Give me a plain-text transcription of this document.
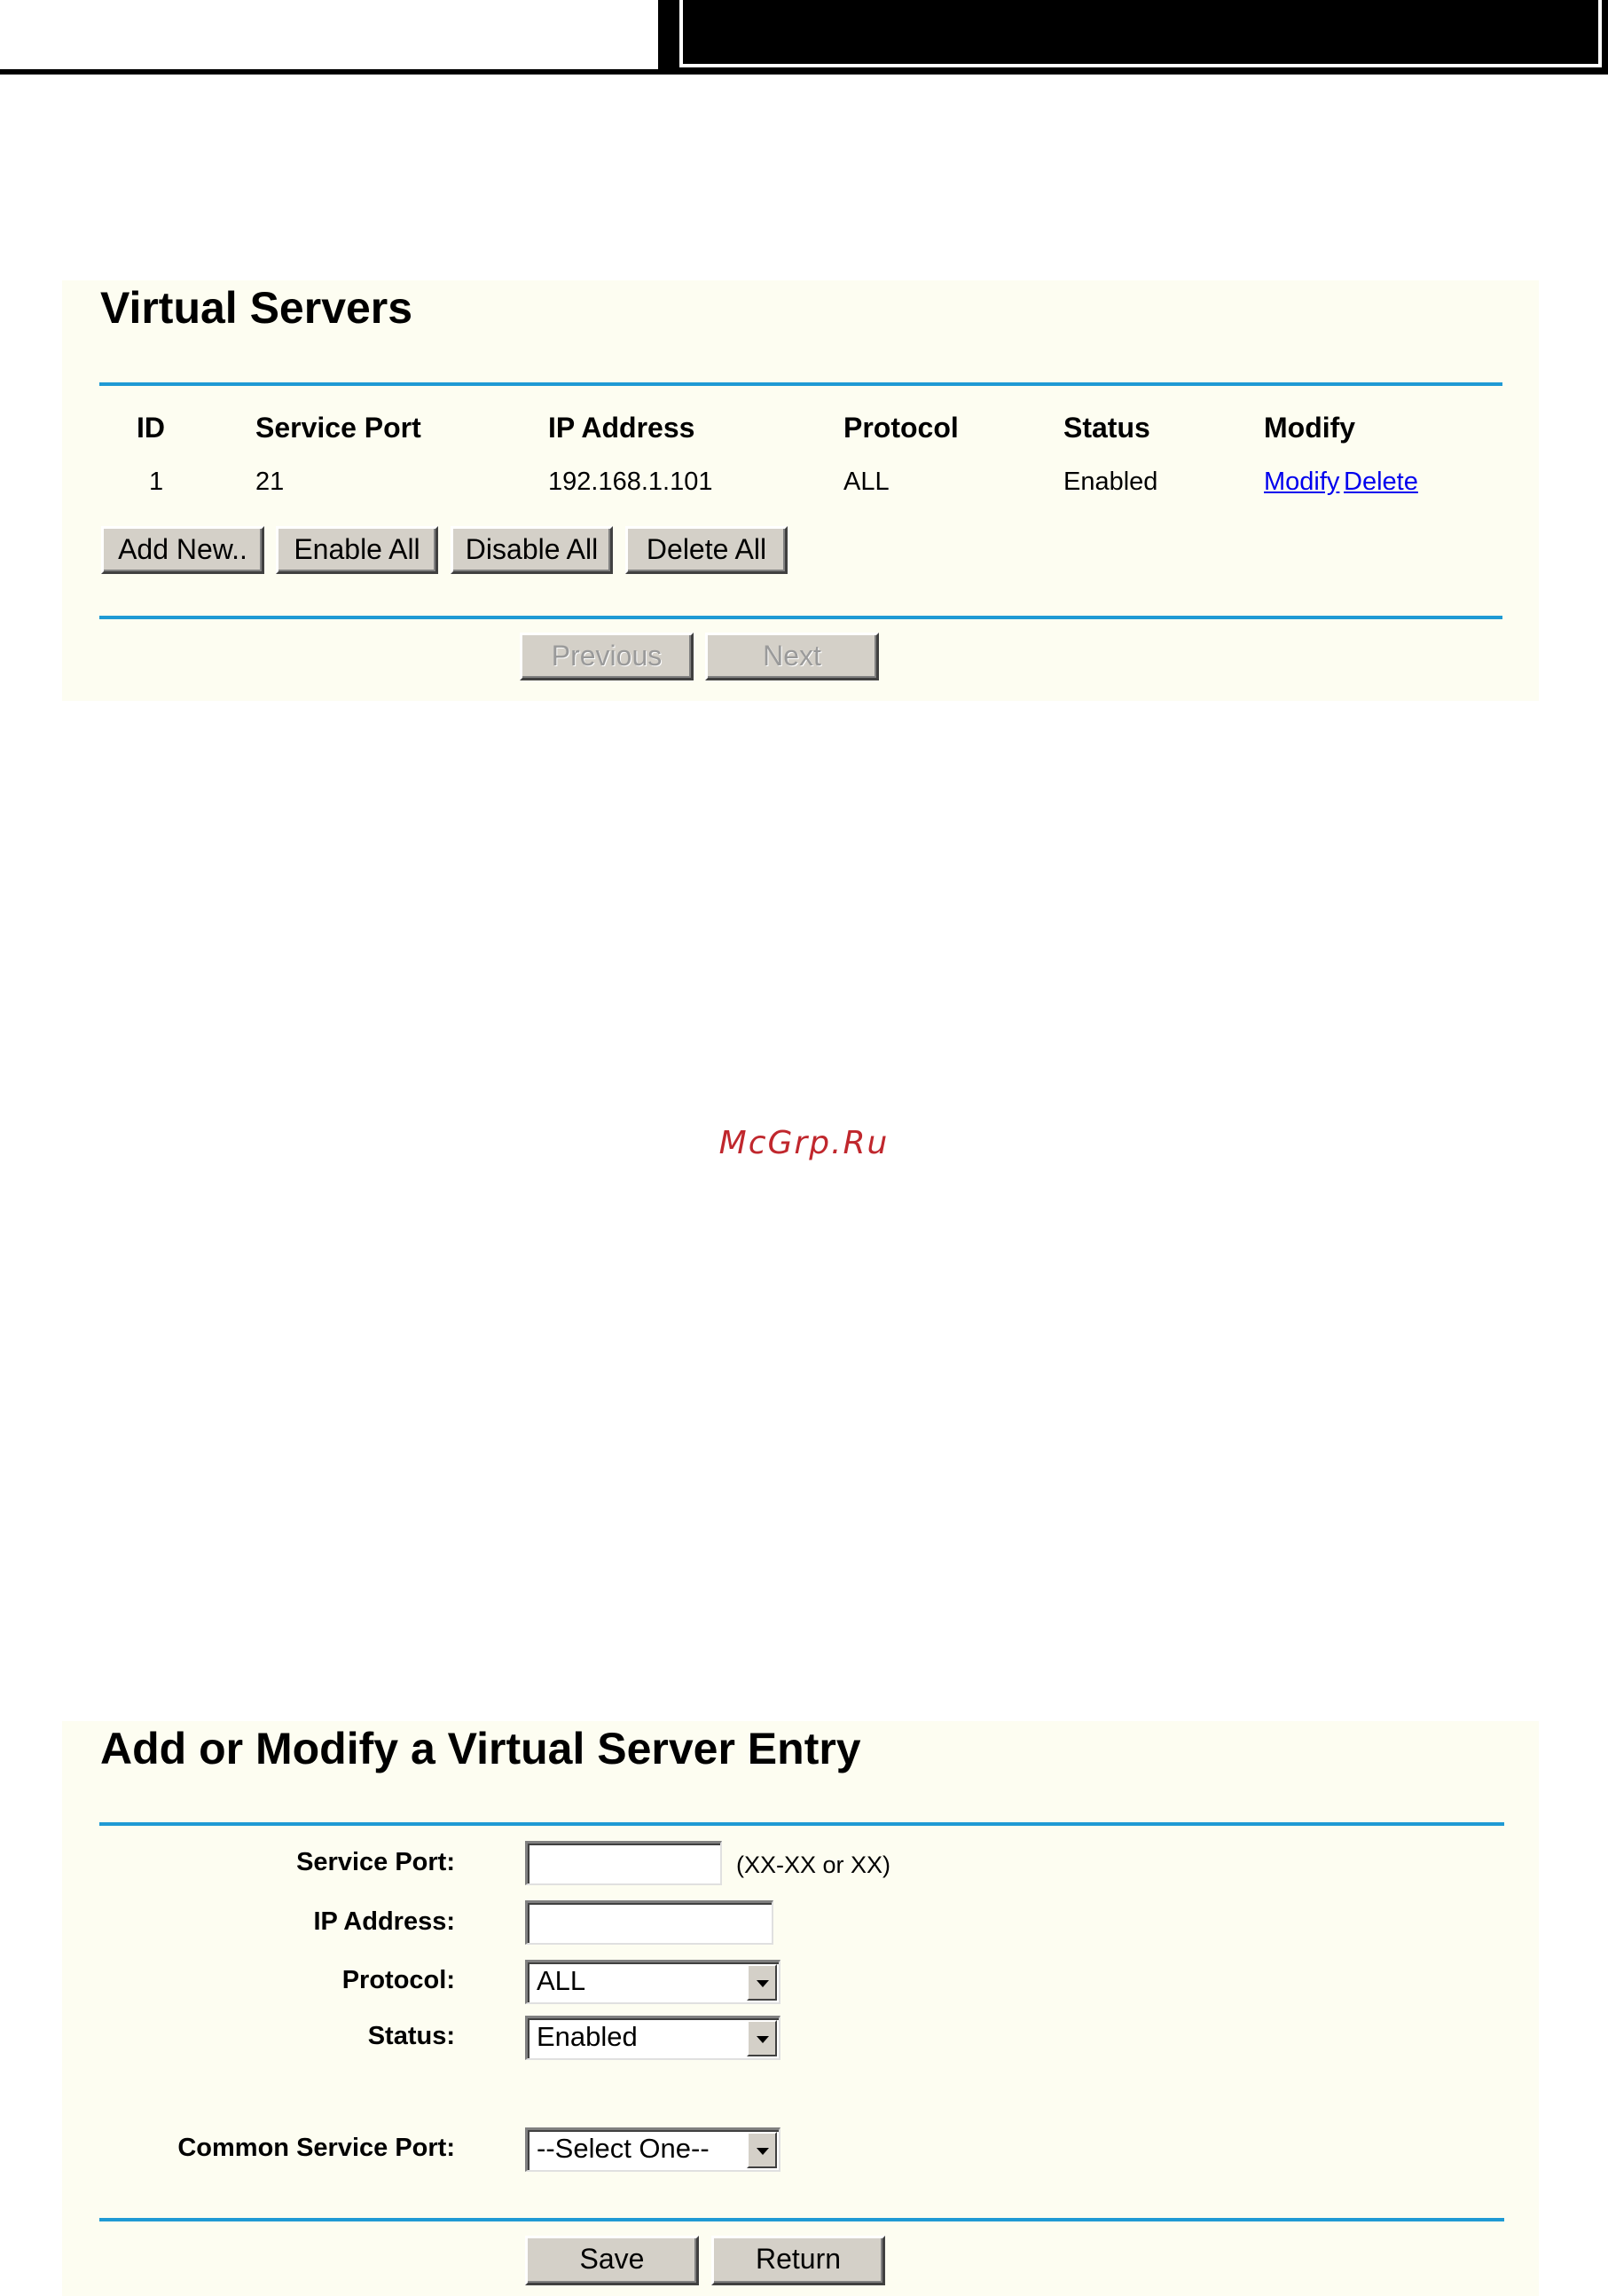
Virtual Servers
ID	Service Port	IP Address	Protocol	Status	Modify
1	21	192.168.1.101	ALL	Enabled	Modify Delete
Add New..	Enable All	Disable All	Delete All
Previous	Next
McGrp.Ru
Add or Modify a Virtual Server Entry
Service Port:	(XX-XX or XX)
IP Address:
Protocol:	ALL
Status:	Enabled
Common Service Port:	--Select One--
Save	Return
